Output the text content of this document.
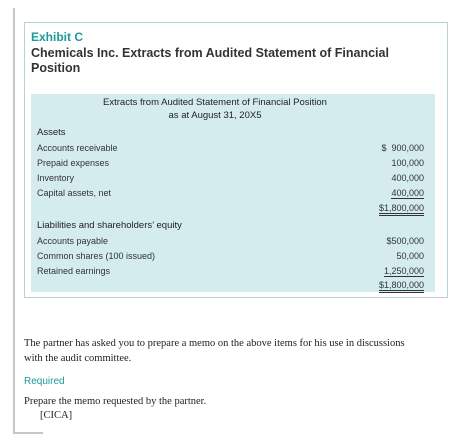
Exhibit C
Chemicals Inc. Extracts from Audited Statement of Financial Position
Extracts from Audited Statement of Financial Position
as at August 31, 20X5
Assets
Accounts receivable	$  900,000
Prepaid expenses	100,000
Inventory	400,000
Capital assets, net	400,000
$1,800,000
Liabilities and shareholders’ equity
Accounts payable	$500,000
Common shares (100 issued)	50,000
Retained earnings	1,250,000
$1,800,000
The partner has asked you to prepare a memo on the above items for his use in discussions
with the audit committee.
Required
Prepare the memo requested by the partner.
[CICA]
